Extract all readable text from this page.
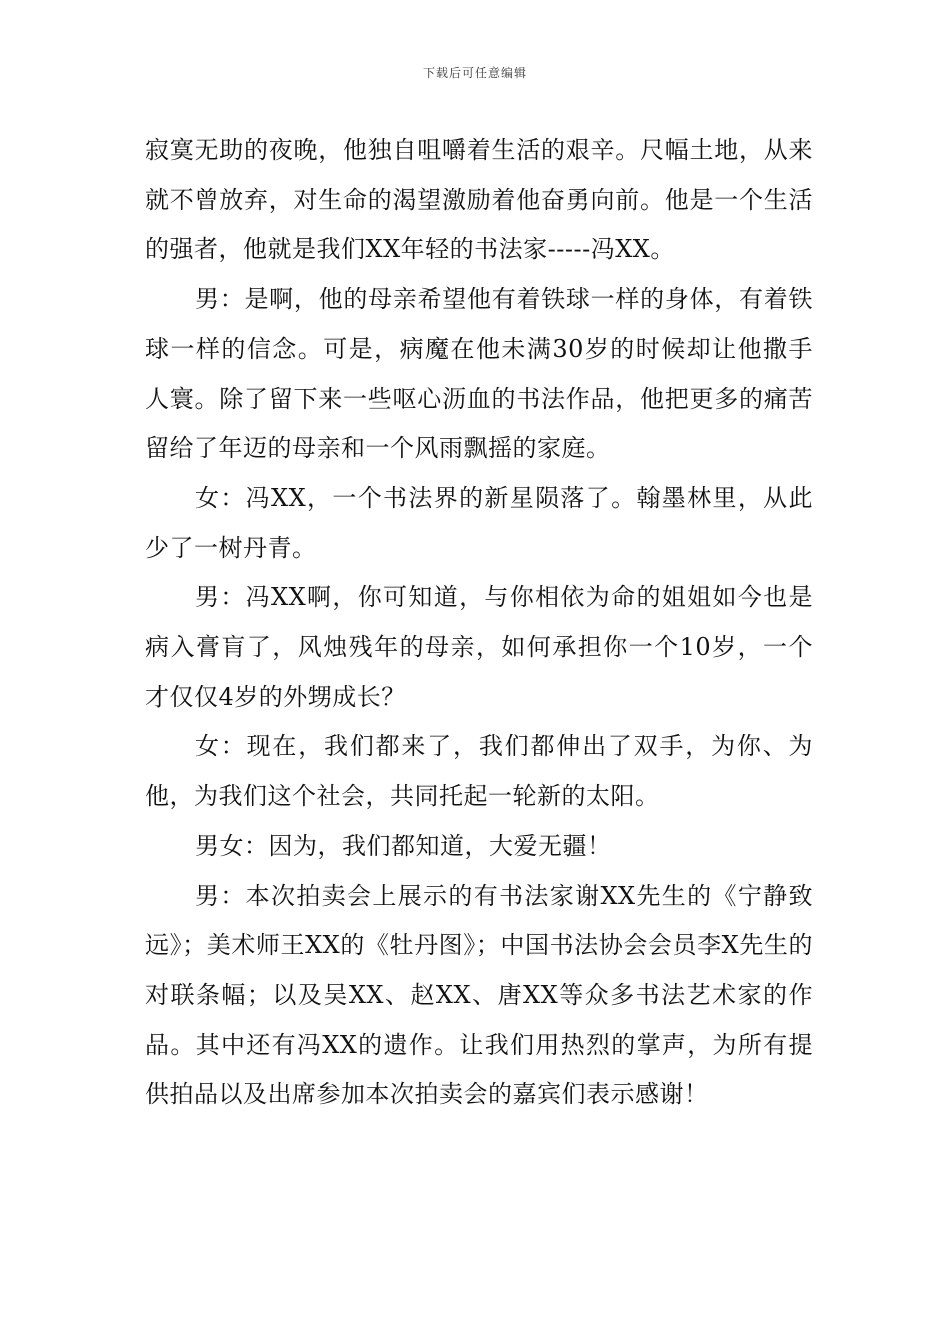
下载后可任意编辑

寂寞无助的夜晚，他独自咀嚼着生活的艰辛。尺幅土地，从来就不曾放弃，对生命的渴望激励着他奋勇向前。他是一个生活的强者，他就是我们XX年轻的书法家-----冯XX。

男：是啊，他的母亲希望他有着铁球一样的身体，有着铁球一样的信念。可是，病魔在他未满30岁的时候却让他撒手人寰。除了留下来一些呕心沥血的书法作品，他把更多的痛苦留给了年迈的母亲和一个风雨飘摇的家庭。

女：冯XX，一个书法界的新星陨落了。翰墨林里，从此少了一树丹青。

男：冯XX啊，你可知道，与你相依为命的姐姐如今也是病入膏肓了，风烛残年的母亲，如何承担你一个10岁，一个才仅仅4岁的外甥成长？

女：现在，我们都来了，我们都伸出了双手，为你、为他，为我们这个社会，共同托起一轮新的太阳。

男女：因为，我们都知道，大爱无疆！

男：本次拍卖会上展示的有书法家谢XX先生的《宁静致远》；美术师王XX的《牡丹图》；中国书法协会会员李X先生的对联条幅；以及吴XX、赵XX、唐XX等众多书法艺术家的作品。其中还有冯XX的遗作。让我们用热烈的掌声，为所有提供拍品以及出席参加本次拍卖会的嘉宾们表示感谢！
